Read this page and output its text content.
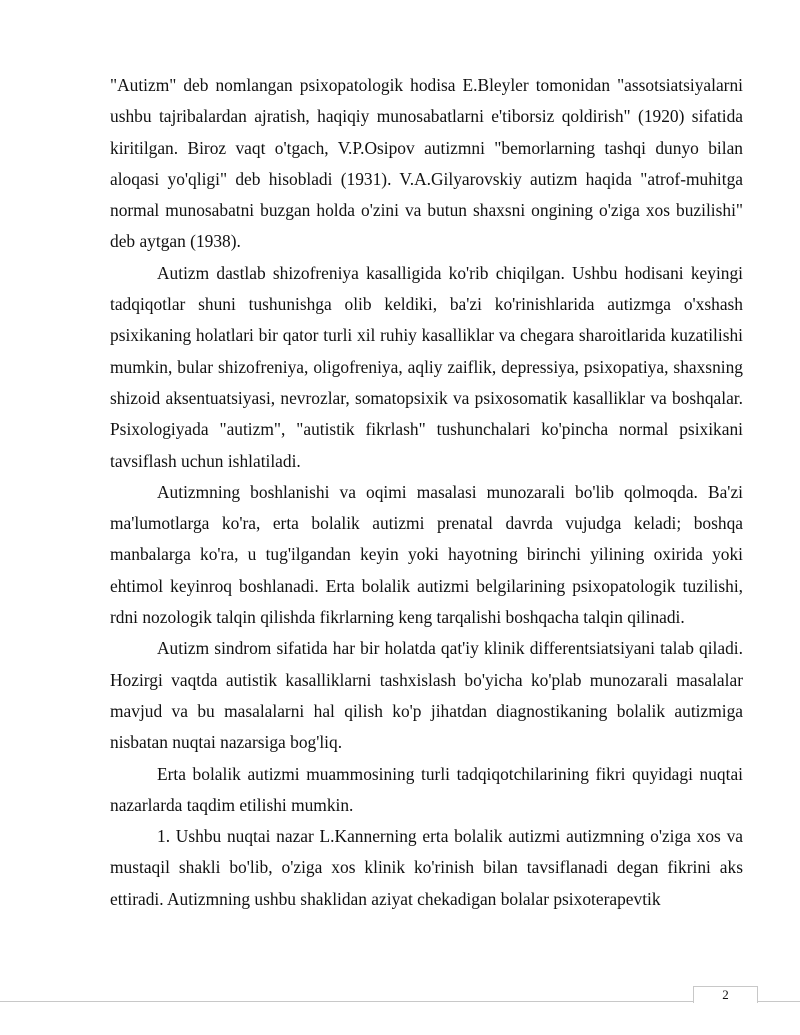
"Autizm" deb nomlangan psixopatologik hodisa E.Bleyler tomonidan "assotsiatsiyalarni ushbu tajribalardan ajratish, haqiqiy munosabatlarni e'tiborsiz qoldirish" (1920) sifatida kiritilgan. Biroz vaqt o'tgach, V.P.Osipov autizmni "bemorlarning tashqi dunyo bilan aloqasi yo'qligi" deb hisobladi (1931). V.A.Gilyarovskiy autizm haqida "atrof-muhitga normal munosabatni buzgan holda o'zini va butun shaxsni ongining o'ziga xos buzilishi" deb aytgan (1938).

Autizm dastlab shizofreniya kasalligida ko'rib chiqilgan. Ushbu hodisani keyingi tadqiqotlar shuni tushunishga olib keldiki, ba'zi ko'rinishlarida autizmga o'xshash psixikaning holatlari bir qator turli xil ruhiy kasalliklar va chegara sharoitlarida kuzatilishi mumkin, bular shizofreniya, oligofreniya, aqliy zaiflik, depressiya, psixopatiya, shaxsning shizoid aksentuatsiyasi, nevrozlar, somatopsixik va psixosomatik kasalliklar va boshqalar. Psixologiyada "autizm", "autistik fikrlash" tushunchalari ko'pincha normal psixikani tavsiflash uchun ishlatiladi.

Autizmning boshlanishi va oqimi masalasi munozarali bo'lib qolmoqda. Ba'zi ma'lumotlarga ko'ra, erta bolalik autizmi prenatal davrda vujudga keladi; boshqa manbalarga ko'ra, u tug'ilgandan keyin yoki hayotning birinchi yilining oxirida yoki ehtimol keyinroq boshlanadi. Erta bolalik autizmi belgilarining psixopatologik tuzilishi, rdni nozologik talqin qilishda fikrlarning keng tarqalishi boshqacha talqin qilinadi.

Autizm sindrom sifatida har bir holatda qat'iy klinik differentsiatsiyani talab qiladi. Hozirgi vaqtda autistik kasalliklarni tashxislash bo'yicha ko'plab munozarali masalalar mavjud va bu masalalarni hal qilish ko'p jihatdan diagnostikaning bolalik autizmiga nisbatan nuqtai nazarsiga bog'liq.

Erta bolalik autizmi muammosining turli tadqiqotchilarining fikri quyidagi nuqtai nazarlarda taqdim etilishi mumkin.

1. Ushbu nuqtai nazar L.Kannerning erta bolalik autizmi autizmning o'ziga xos va mustaqil shakli bo'lib, o'ziga xos klinik ko'rinish bilan tavsiflanadi degan fikrini aks ettiradi. Autizmning ushbu shaklidan aziyat chekadigan bolalar psixoterapevtik

2
